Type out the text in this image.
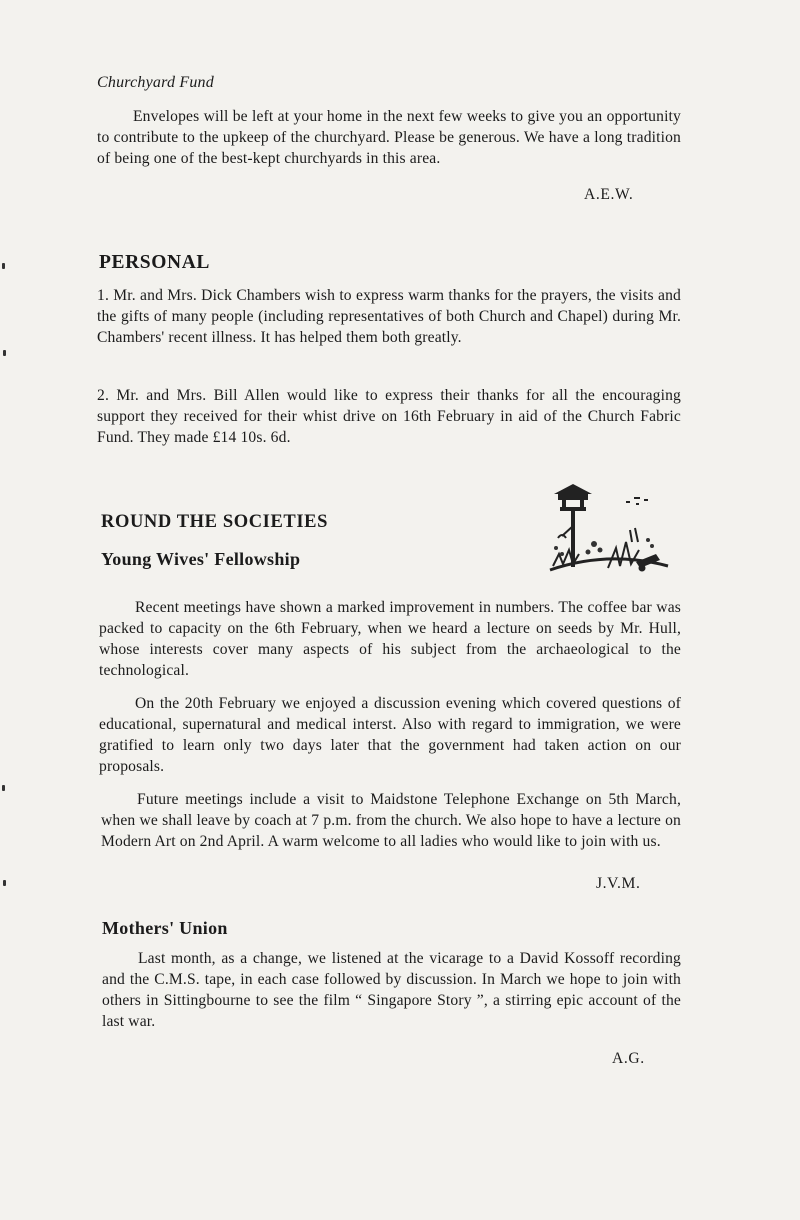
Churchyard Fund
Envelopes will be left at your home in the next few weeks to give you an opportunity to contribute to the upkeep of the churchyard. Please be generous. We have a long tradition of being one of the best-kept churchyards in this area.
A.E.W.
PERSONAL
1. Mr. and Mrs. Dick Chambers wish to express warm thanks for the prayers, the visits and the gifts of many people (including representatives of both Church and Chapel) during Mr. Chambers' recent illness. It has helped them both greatly.
2. Mr. and Mrs. Bill Allen would like to express their thanks for all the encouraging support they received for their whist drive on 16th February in aid of the Church Fabric Fund. They made £14 10s. 6d.
ROUND THE SOCIETIES
Young Wives' Fellowship
Recent meetings have shown a marked improvement in numbers. The coffee bar was packed to capacity on the 6th February, when we heard a lecture on seeds by Mr. Hull, whose interests cover many aspects of his subject from the archaeological to the technological.
On the 20th February we enjoyed a discussion evening which covered questions of educational, supernatural and medical interst. Also with regard to immigration, we were gratified to learn only two days later that the government had taken action on our proposals.
Future meetings include a visit to Maidstone Telephone Exchange on 5th March, when we shall leave by coach at 7 p.m. from the church. We also hope to have a lecture on Modern Art on 2nd April. A warm welcome to all ladies who would like to join with us.
J.V.M.
Mothers' Union
Last month, as a change, we listened at the vicarage to a David Kossoff recording and the C.M.S. tape, in each case followed by discussion. In March we hope to join with others in Sittingbourne to see the film “ Singapore Story ”, a stirring epic account of the last war.
A.G.
